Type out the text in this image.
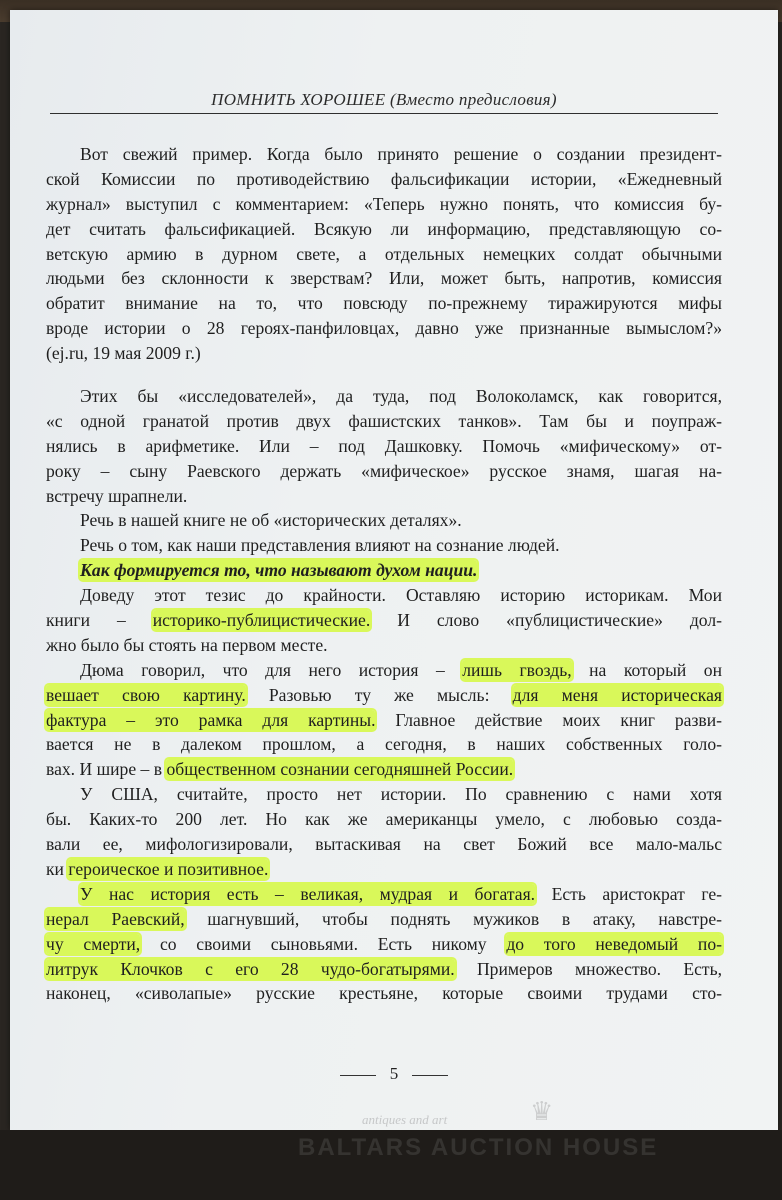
ПОМНИТЬ ХОРОШЕЕ (Вместо предисловия)
Вот свежий пример. Когда было принято решение о создании президент-
ской Комиссии по противодействию фальсификации истории, «Ежедневный
журнал» выступил с комментарием: «Теперь нужно понять, что комиссия бу-
дет считать фальсификацией. Всякую ли информацию, представляющую со-
ветскую армию в дурном свете, а отдельных немецких солдат обычными
людьми без склонности к зверствам? Или, может быть, напротив, комиссия
обратит внимание на то, что повсюду по-прежнему тиражируются мифы
вроде истории о 28 героях-панфиловцах, давно уже признанные вымыслом?»
(ej.ru, 19 мая 2009 г.)
Этих бы «исследователей», да туда, под Волоколамск, как говорится,
«с одной гранатой против двух фашистских танков». Там бы и поупраж-
нялись в арифметике. Или – под Дашковку. Помочь «мифическому» от-
року – сыну Раевского держать «мифическое» русское знамя, шагая на-
встречу шрапнели.
Речь в нашей книге не об «исторических деталях».
Речь о том, как наши представления влияют на сознание людей.
Как формируется то, что называют духом нации.
Доведу этот тезис до крайности. Оставляю историю историкам. Мои
книги – историко-публицистические. И слово «публицистические» дол-
жно было бы стоять на первом месте.
Дюма говорил, что для него история – лишь гвоздь, на который он
вешает свою картину. Разовью ту же мысль: для меня историческая
фактура – это рамка для картины. Главное действие моих книг разви-
вается не в далеком прошлом, а сегодня, в наших собственных голо-
вах. И шире – в общественном сознании сегодняшней России.
У США, считайте, просто нет истории. По сравнению с нами хотя
бы. Каких-то 200 лет. Но как же американцы умело, с любовью созда-
вали ее, мифологизировали, вытаскивая на свет Божий все мало-мальс
ки героическое и позитивное.
У нас история есть – великая, мудрая и богатая. Есть аристократ ге-
нерал Раевский, шагнувший, чтобы поднять мужиков в атаку, навстре-
чу смерти, со своими сыновьями. Есть никому до того неведомый по-
литрук Клочков с его 28 чудо-богатырями. Примеров множество. Есть,
наконец, «сиволапые» русские крестьяне, которые своими трудами сто-
5
antiques and art	♛
BALTARS AUCTION HOUSE
